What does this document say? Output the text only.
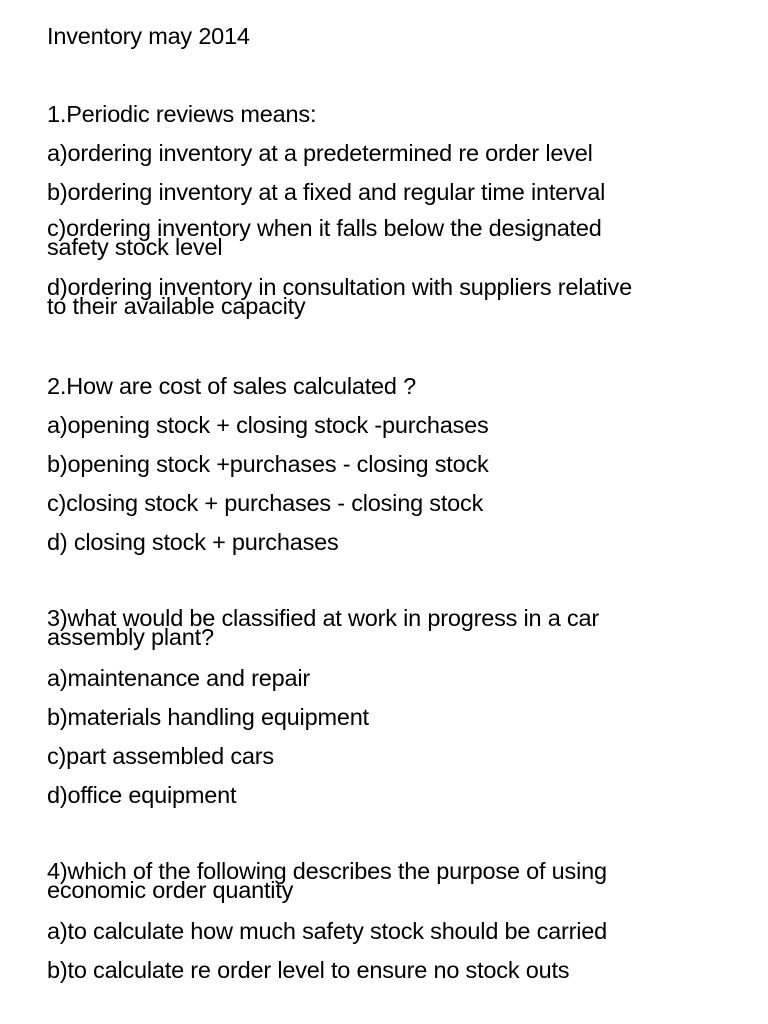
Inventory may 2014
1.Periodic reviews means:
a)ordering inventory at a predetermined re order level
b)ordering inventory at a fixed and regular time interval
c)ordering inventory when it falls below the designated
safety stock level
d)ordering inventory in consultation with suppliers relative
to their available capacity
2.How are cost of sales calculated ?
a)opening stock + closing stock -purchases
b)opening stock +purchases - closing stock
c)closing stock + purchases - closing stock
d) closing stock + purchases
3)what would be classified at work in progress in a car
assembly plant?
a)maintenance and repair
b)materials handling equipment
c)part assembled cars
d)office equipment
4)which of the following describes the purpose of using
economic order quantity
a)to calculate how much safety stock should be carried
b)to calculate re order level to ensure no stock outs
